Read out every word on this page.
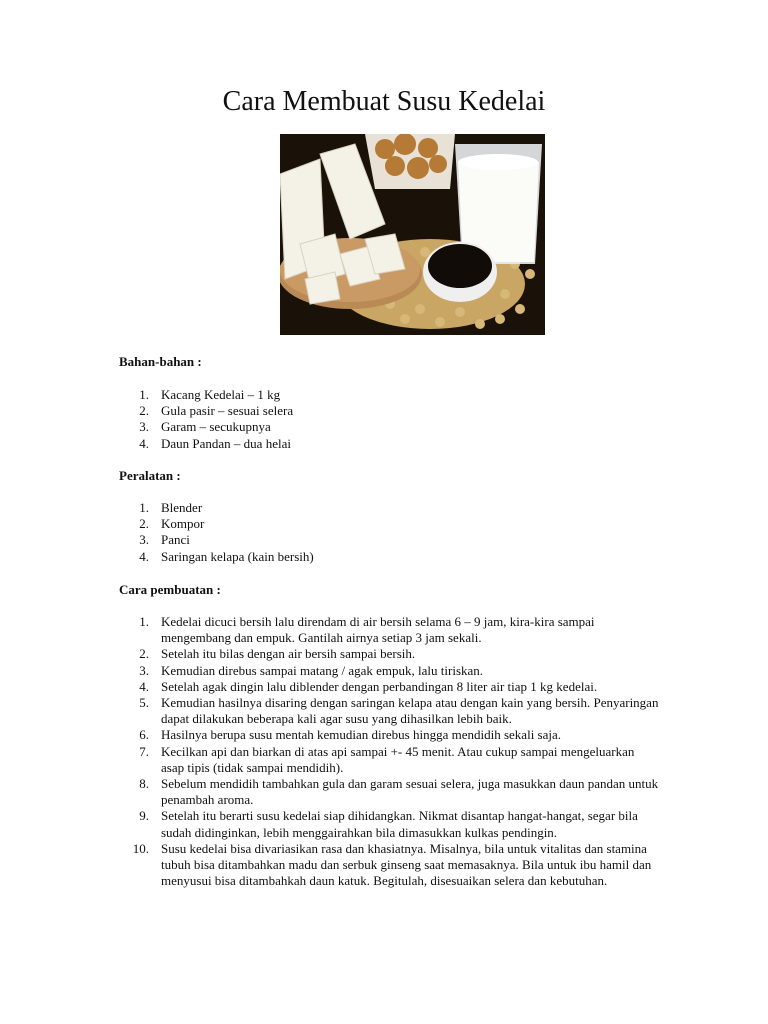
Cara Membuat Susu Kedelai

Bahan-bahan :

1. Kacang Kedelai – 1 kg
2. Gula pasir – sesuai selera
3. Garam – secukupnya
4. Daun Pandan – dua helai

Peralatan :

1. Blender
2. Kompor
3. Panci
4. Saringan kelapa (kain bersih)

Cara pembuatan :

1. Kedelai dicuci bersih lalu direndam di air bersih selama 6 – 9 jam, kira-kira sampai mengembang dan empuk. Gantilah airnya setiap 3 jam sekali.
2. Setelah itu bilas dengan air bersih sampai bersih.
3. Kemudian direbus sampai matang / agak empuk, lalu tiriskan.
4. Setelah agak dingin lalu diblender dengan perbandingan 8 liter air tiap 1 kg kedelai.
5. Kemudian hasilnya disaring dengan saringan kelapa atau dengan kain yang bersih. Penyaringan dapat dilakukan beberapa kali agar susu yang dihasilkan lebih baik.
6. Hasilnya berupa susu mentah kemudian direbus hingga mendidih sekali saja.
7. Kecilkan api dan biarkan di atas api sampai +- 45 menit. Atau cukup sampai mengeluarkan asap tipis (tidak sampai mendidih).
8. Sebelum mendidih tambahkan gula dan garam sesuai selera, juga masukkan daun pandan untuk penambah aroma.
9. Setelah itu berarti susu kedelai siap dihidangkan. Nikmat disantap hangat-hangat, segar bila sudah didinginkan, lebih menggairahkan bila dimasukkan kulkas pendingin.
10. Susu kedelai bisa divariasikan rasa dan khasiatnya. Misalnya, bila untuk vitalitas dan stamina tubuh bisa ditambahkan madu dan serbuk ginseng saat memasaknya. Bila untuk ibu hamil dan menyusui bisa ditambahkah daun katuk. Begitulah, disesuaikan selera dan kebutuhan.
